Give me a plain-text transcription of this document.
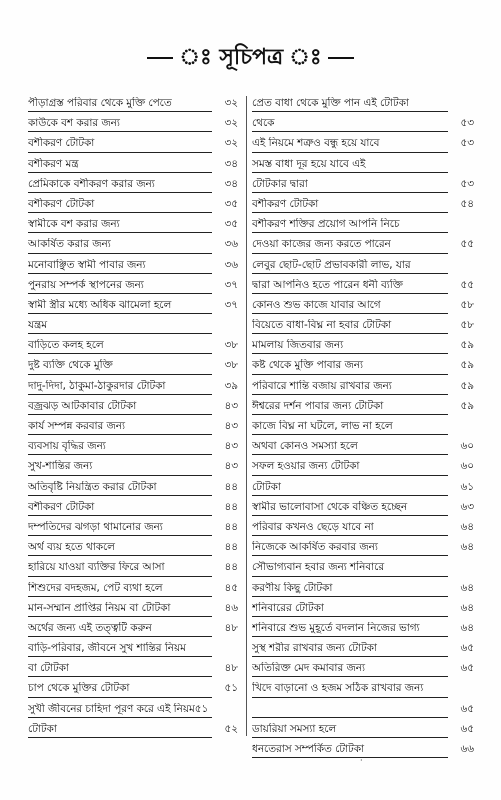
ঃ সূচিপত্র
পীড়াগ্রস্ত পরিবার থেকে মুক্তি পেতে	৩২
কাউকে বশ করার জন্য	৩২
বশীকরণ টোটকা	৩২
বশীকরণ মন্ত্র	৩৪
প্রেমিকাকে বশীকরণ করার জন্য	৩৪
বশীকরণ টোটকা	৩৫
স্বামীকে বশ করার জন্য	৩৫
আকর্ষিত করার জন্য	৩৬
মনোবাঞ্ছিত স্বামী পাবার জন্য	৩৬
পুনরায় সম্পর্ক স্থাপনের জন্য	৩৭
স্বামী স্ত্রীর মধ্যে অধিক ঝামেলা হলে	৩৭
যন্ত্রম
বাড়িতে কলহ হলে	৩৮
দুষ্ট ব্যক্তি থেকে মুক্তি	৩৮
দাদু-দিদা, ঠাকুমা-ঠাকুরদার টোটকা	৩৯
বজ্রঝড় আটকাবার টোটকা	৪৩
কার্য সম্পন্ন করবার জন্য	৪৩
ব্যবসায় বৃদ্ধির জন্য	৪৩
সুখ-শান্তির জন্য	৪৩
অতিবৃষ্টি নিয়ন্ত্রিত করার টোটকা	৪৪
বশীকরণ টোটকা	৪৪
দম্পতিদের ঝগড়া থামানোর জন্য	৪৪
অর্থ ব্যয় হতে থাকলে	৪৪
হারিয়ে যাওয়া ব্যক্তির ফিরে আসা	৪৪
শিশুদের বদহজম, পেট ব্যথা হলে	৪৫
মান-সম্মান প্রাপ্তির নিয়ম বা টোটকা	৪৬
অর্থের জন্য এই তত্ত্বটি করুন	৪৮
বাড়ি-পরিবার, জীবনে সুখ শান্তির নিয়ম
বা টোটকা	৪৮
চাপ থেকে মুক্তির টোটকা	৫১
সুখী জীবনের চাহিদা পূরণ করে এই নিয়ম৫১
টোটকা	৫২
প্রেত বাধা থেকে মুক্তি পান এই টোটকা
থেকে	৫৩
এই নিয়মে শত্রুও বন্ধু হয়ে যাবে	৫৩
সমস্ত বাধা দূর হয়ে যাবে এই
টোটকার দ্বারা	৫৩
বশীকরণ টোটকা	৫৪
বশীকরণ শক্তির প্রয়োগ আপনি নিচে
দেওয়া কাজের জন্য করতে পারেন	৫৫
লেবুর ছোট-ছোট প্রভাবকারী লাভ, যার
দ্বারা আপনিও হতে পারেন ধনী ব্যক্তি	৫৫
কোনও শুভ কাজে যাবার আগে	৫৮
বিয়েতে বাধা-বিঘ্ন না হবার টোটকা	৫৮
মামলায় জিতবার জন্য	৫৯
কষ্ট থেকে মুক্তি পাবার জন্য	৫৯
পরিবারে শান্তি বজায় রাখবার জন্য	৫৯
ঈশ্বরের দর্শন পাবার জন্য টোটকা	৫৯
কাজে বিঘ্ন না ঘটলে, লাভ না হলে
অথবা কোনও সমস্যা হলে	৬০
সফল হওয়ার জন্য টোটকা	৬০
টোটকা	৬১
স্বামীর ভালোবাসা থেকে বঞ্চিত হচ্ছেন	৬৩
পরিবার কখনও ছেড়ে যাবে না	৬৪
নিজেকে আকর্ষিত করবার জন্য	৬৪
সৌভাগ্যবান হবার জন্য শনিবারে
করণীয় কিছু টোটকা	৬৪
শনিবারের টোটকা	৬৪
শনিবারে শুভ মুহূর্তে বদলান নিজের ভাগ্য	৬৪
সুস্থ শরীর রাখবার জন্য টোটকা	৬৫
অতিরিক্ত মেদ কমাবার জন্য	৬৫
খিদে বাড়ানো ও হজম সঠিক রাখবার জন্য
৬৫
ডায়রিয়া সমস্যা হলে	৬৫
ধনতেরাস সম্পর্কিত টোটকা	৬৬
·
